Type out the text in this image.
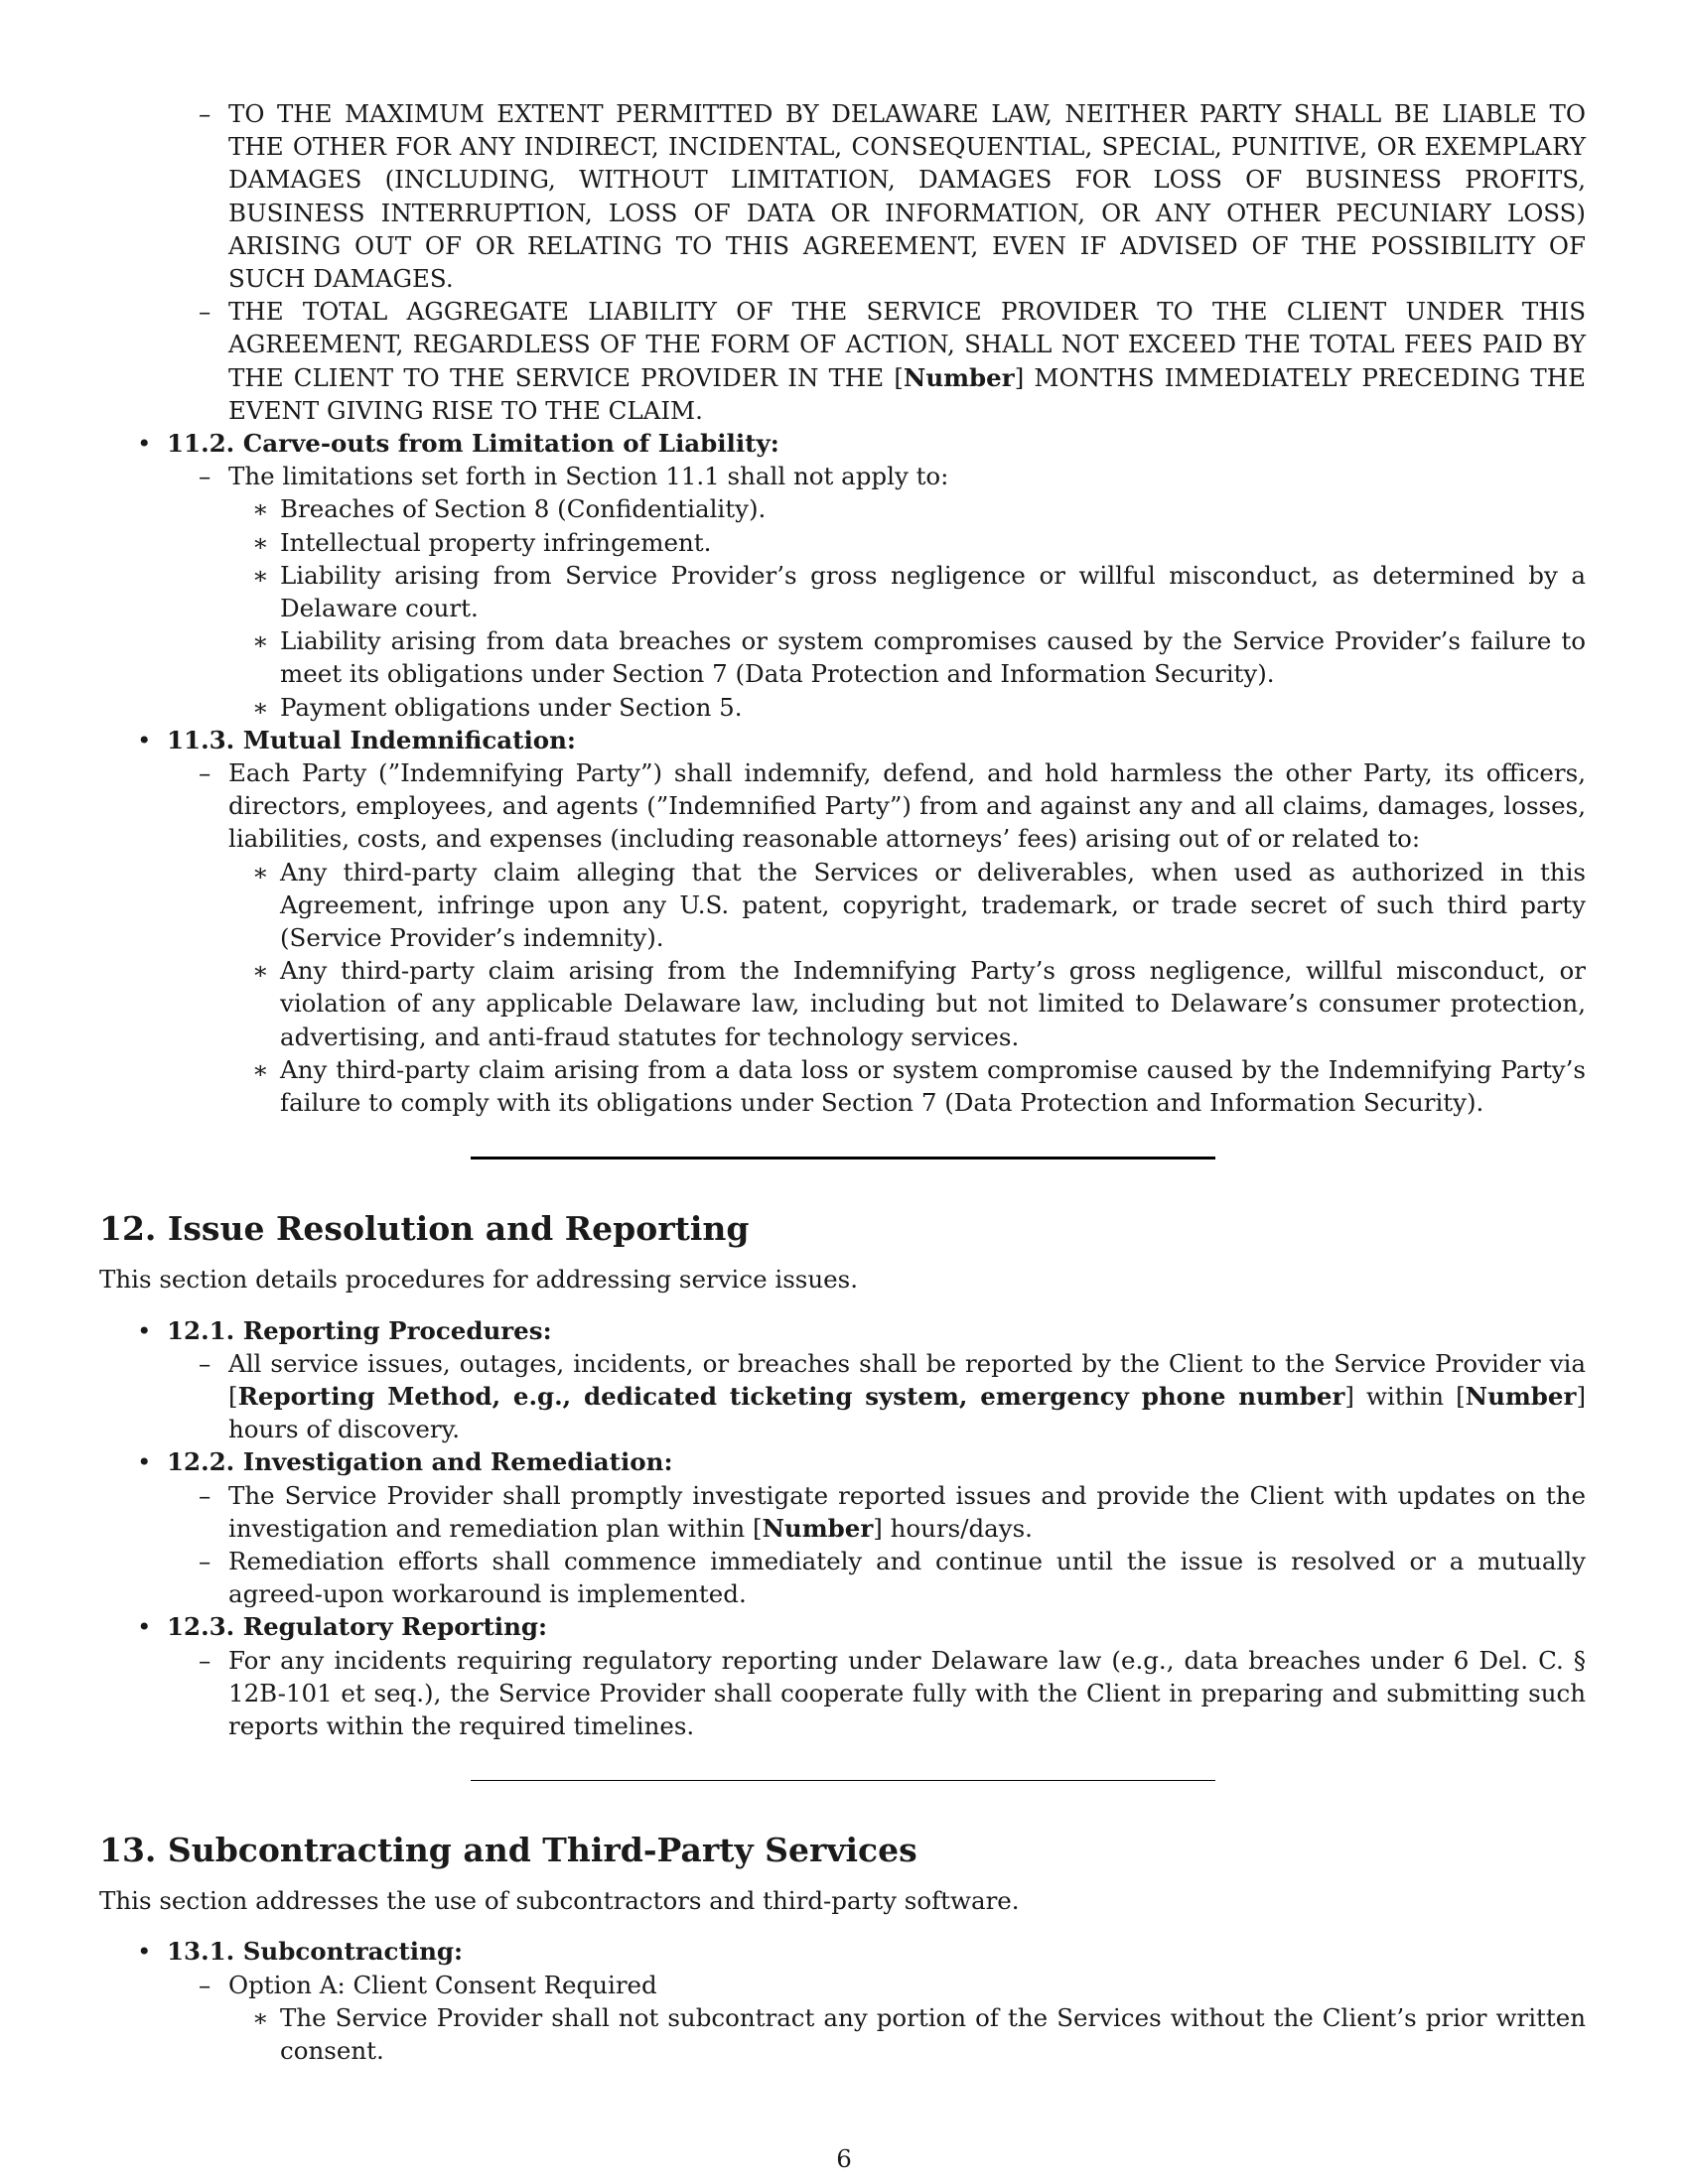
– TO THE MAXIMUM EXTENT PERMITTED BY DELAWARE LAW, NEITHER PARTY SHALL BE LIABLE TO THE OTHER FOR ANY INDIRECT, INCIDENTAL, CONSEQUENTIAL, SPECIAL, PUNITIVE, OR EXEMPLARY DAMAGES (INCLUDING, WITHOUT LIMITATION, DAMAGES FOR LOSS OF BUSINESS PROFITS, BUSINESS INTERRUPTION, LOSS OF DATA OR INFORMATION, OR ANY OTHER PECUNIARY LOSS) ARISING OUT OF OR RELATING TO THIS AGREEMENT, EVEN IF ADVISED OF THE POSSIBILITY OF SUCH DAMAGES.
– THE TOTAL AGGREGATE LIABILITY OF THE SERVICE PROVIDER TO THE CLIENT UNDER THIS AGREEMENT, REGARDLESS OF THE FORM OF ACTION, SHALL NOT EXCEED THE TOTAL FEES PAID BY THE CLIENT TO THE SERVICE PROVIDER IN THE [Number] MONTHS IMMEDIATELY PRECEDING THE EVENT GIVING RISE TO THE CLAIM.
• 11.2. Carve-outs from Limitation of Liability:
– The limitations set forth in Section 11.1 shall not apply to:
∗ Breaches of Section 8 (Confidentiality).
∗ Intellectual property infringement.
∗ Liability arising from Service Provider’s gross negligence or willful misconduct, as determined by a Delaware court.
∗ Liability arising from data breaches or system compromises caused by the Service Provider’s failure to meet its obligations under Section 7 (Data Protection and Information Security).
∗ Payment obligations under Section 5.
• 11.3. Mutual Indemnification:
– Each Party (”Indemnifying Party”) shall indemnify, defend, and hold harmless the other Party, its officers, directors, employees, and agents (”Indemnified Party”) from and against any and all claims, damages, losses, liabilities, costs, and expenses (including reasonable attorneys’ fees) arising out of or related to:
∗ Any third-party claim alleging that the Services or deliverables, when used as authorized in this Agreement, infringe upon any U.S. patent, copyright, trademark, or trade secret of such third party (Service Provider’s indemnity).
∗ Any third-party claim arising from the Indemnifying Party’s gross negligence, willful misconduct, or violation of any applicable Delaware law, including but not limited to Delaware’s consumer protection, advertising, and anti-fraud statutes for technology services.
∗ Any third-party claim arising from a data loss or system compromise caused by the Indemnifying Party’s failure to comply with its obligations under Section 7 (Data Protection and Information Security).
12. Issue Resolution and Reporting
This section details procedures for addressing service issues.
• 12.1. Reporting Procedures:
– All service issues, outages, incidents, or breaches shall be reported by the Client to the Service Provider via [Reporting Method, e.g., dedicated ticketing system, emergency phone number] within [Number] hours of discovery.
• 12.2. Investigation and Remediation:
– The Service Provider shall promptly investigate reported issues and provide the Client with updates on the investigation and remediation plan within [Number] hours/days.
– Remediation efforts shall commence immediately and continue until the issue is resolved or a mutually agreed-upon workaround is implemented.
• 12.3. Regulatory Reporting:
– For any incidents requiring regulatory reporting under Delaware law (e.g., data breaches under 6 Del. C. § 12B-101 et seq.), the Service Provider shall cooperate fully with the Client in preparing and submitting such reports within the required timelines.
13. Subcontracting and Third-Party Services
This section addresses the use of subcontractors and third-party software.
• 13.1. Subcontracting:
– Option A: Client Consent Required
∗ The Service Provider shall not subcontract any portion of the Services without the Client’s prior written consent.
6
